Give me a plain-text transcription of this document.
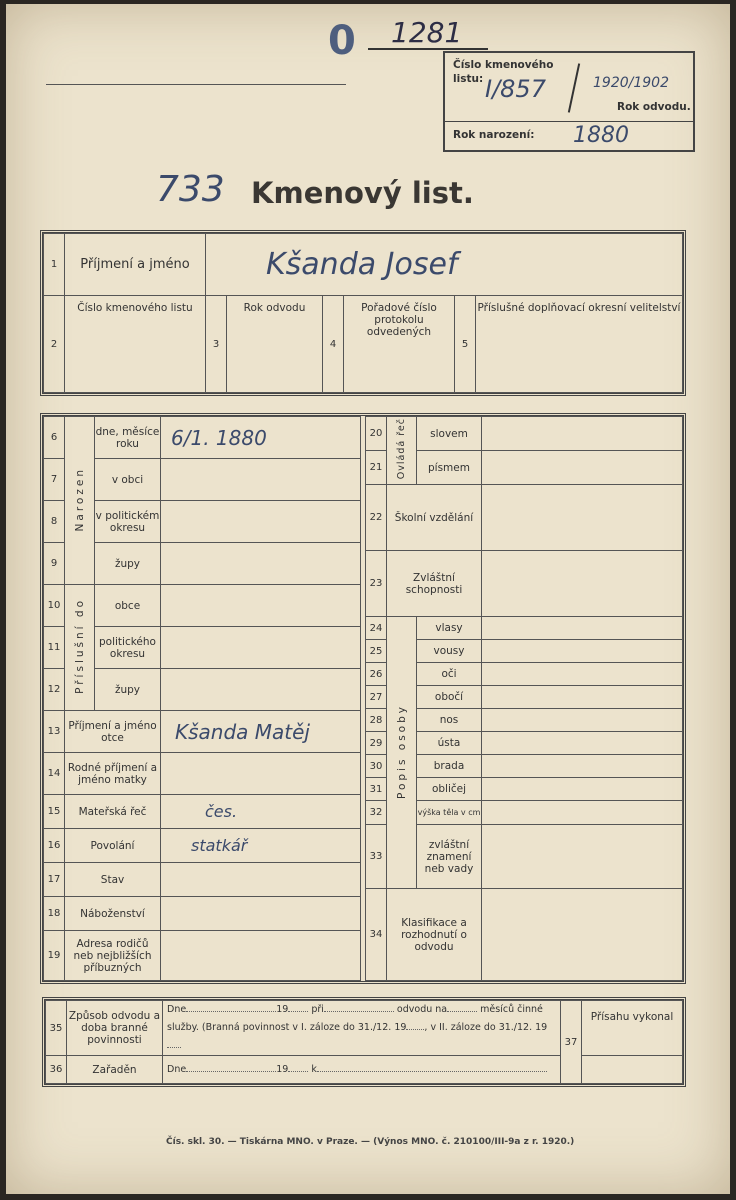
0 1281
Číslo kmenového
listu: I/857	1920/1902
Rok odvodu.
Rok narození: 1880
733 Kmenový list.
1	Příjmení a jméno	Kšanda Josef					
2	Číslo kmenového listu	3	Rok odvodu	4	Pořadové číslo protokolu odvedených	5	Příslušné doplňovací okresní velitelství
6	Narozen	dne, měsíce roku	6/1. 1880
7		v obci	
8		v politickém okresu	
9		župy	
10	Příslušní do	obce	
11		politického okresu	
12		župy	
13	Příjmení a jméno otce		Kšanda Matěj
14	Rodné příjmení a jméno matky		
15	Mateřská řeč		čes.
16	Povolání		statkář
17	Stav		
18	Náboženství		
19	Adresa rodičů neb nejbližších příbuzných		
20	Ovládá řeč	slovem	
21		písmem	
22	Školní vzdělání		
23	Zvláštní schopnosti		
24	Popis osoby	vlasy	
25		vousy	
26		oči	
27		obočí	
28		nos	
29		ústa	
30		brada	
31		obličej	
32		výška těla v cm	
33		zvláštní znamení neb vady	
34	Klasifikace a rozhodnutí o odvodu		
35	Způsob odvodu a doba branné povinnosti	Dne 19 při odvodu na měsíců činné
služby. (Branná povinnost v I. záloze do 31./12. 19 , v II. záloze do 31./12. 19	37	Přísahu vykonal
36	Zařaděn	Dne 19 k		
Čís. skl. 30. — Tiskárna MNO. v Praze. — (Výnos MNO. č. 210100/III-9a z r. 1920.)
